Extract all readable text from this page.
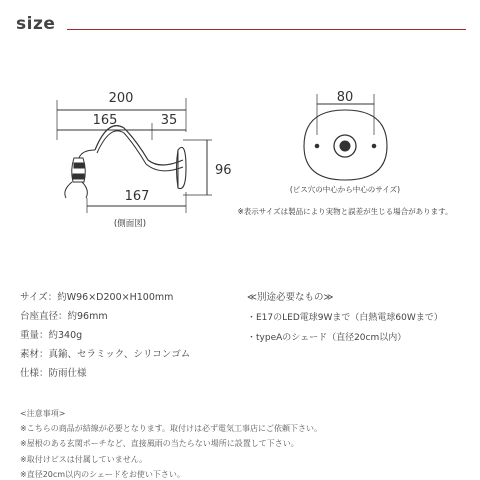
size
200
165	35
96
167
(側面図)
80
(ビス穴の中心から中心のサイズ)
※表示サイズは製品により実物と誤差が生じる場合があります。
サイズ：約W96×D200×H100mm
台座直径：約96mm
重量：約340g
素材：真鍮、セラミック、シリコンゴム
仕様：防雨仕様
≪別途必要なもの≫
・E17のLED電球9Wまで（白熱電球60Wまで）
・typeAのシェード（直径20cm以内）
<注意事項>
※こちらの商品が結線が必要となります。取付けは必ず電気工事店にご依頼下さい。
※屋根のある玄関ポーチなど、直接風雨の当たらない場所に設置して下さい。
※取付けビスは付属していません。
※直径20cm以内のシェードをお使い下さい。
